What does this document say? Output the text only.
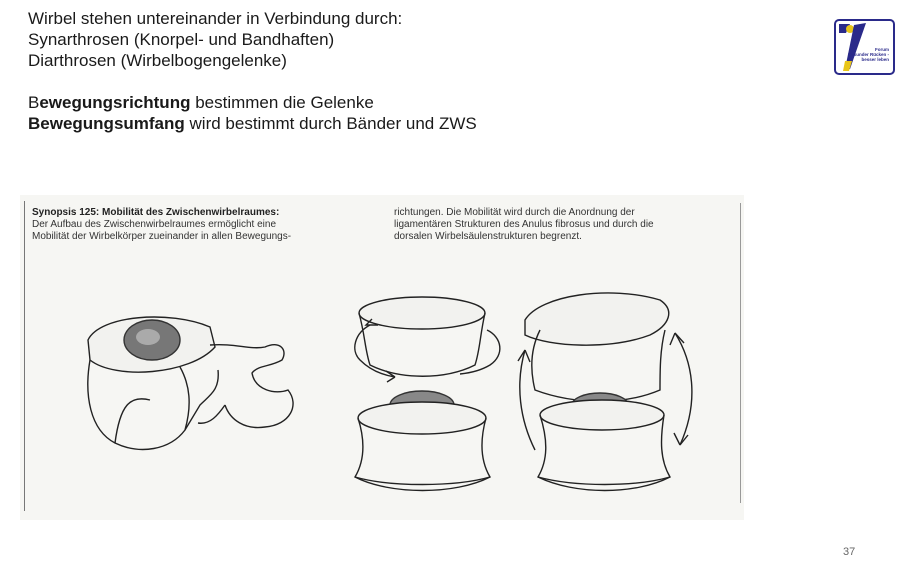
Wirbel stehen untereinander in Verbindung durch:
Synarthrosen (Knorpel- und Bandhaften)
Diarthrosen (Wirbelbogengelenke)
Bewegungsrichtung bestimmen die Gelenke
Bewegungsumfang wird bestimmt durch Bänder und ZWS
Forum
Gesunder Rücken -
besser leben
Synopsis 125: Mobilität des Zwischenwirbelraumes:
Der Aufbau des Zwischenwirbelraumes ermöglicht eine
Mobilität der Wirbelkörper zueinander in allen Bewegungs-
richtungen. Die Mobilität wird durch die Anordnung der
ligamentären Strukturen des Anulus fibrosus und durch die
dorsalen Wirbelsäulenstrukturen begrenzt.
37
